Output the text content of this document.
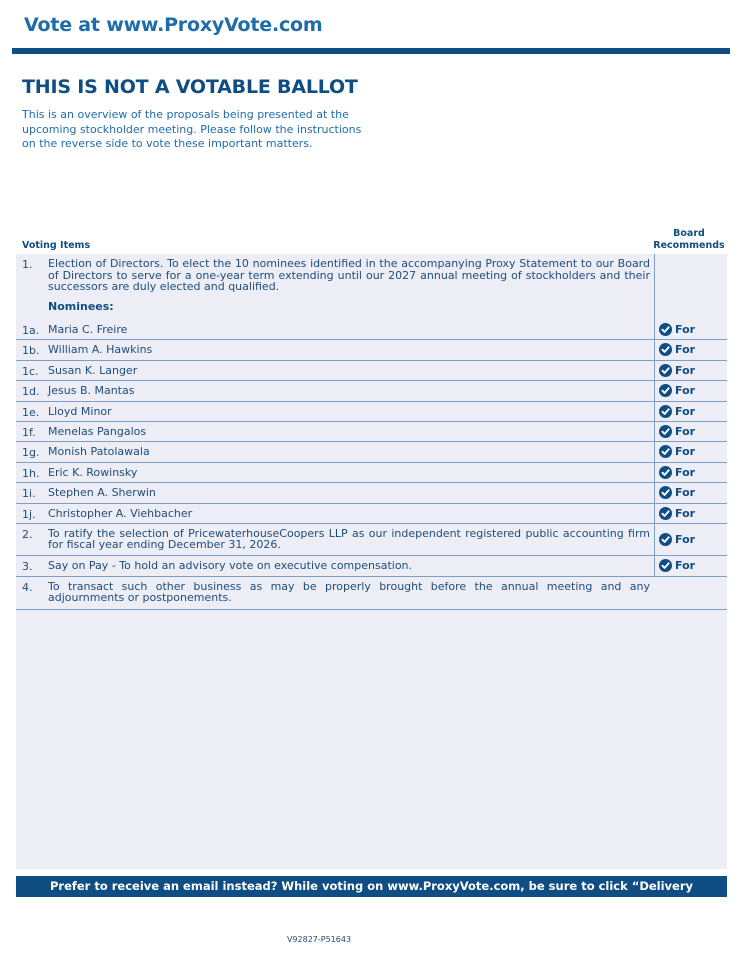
Vote at www.ProxyVote.com
THIS IS NOT A VOTABLE BALLOT
This is an overview of the proposals being presented at the upcoming stockholder meeting. Please follow the instructions on the reverse side to vote these important matters.
Voting Items
Board
Recommends
1. Election of Directors. To elect the 10 nominees identified in the accompanying Proxy Statement to our Board of Directors to serve for a one-year term extending until our 2027 annual meeting of stockholders and their successors are duly elected and qualified.
Nominees:
1a. Maria C. Freire	For
1b. William A. Hawkins	For
1c. Susan K. Langer	For
1d. Jesus B. Mantas	For
1e. Lloyd Minor	For
1f. Menelas Pangalos	For
1g. Monish Patolawala	For
1h. Eric K. Rowinsky	For
1i. Stephen A. Sherwin	For
1j. Christopher A. Viehbacher	For
2. To ratify the selection of PricewaterhouseCoopers LLP as our independent registered public accounting firm for fiscal year ending December 31, 2026.	For
3. Say on Pay - To hold an advisory vote on executive compensation.	For
4. To transact such other business as may be properly brought before the annual meeting and any adjournments or postponements.
Prefer to receive an email instead? While voting on www.ProxyVote.com, be sure to click “Delivery Settings”.
V92827-P51643
